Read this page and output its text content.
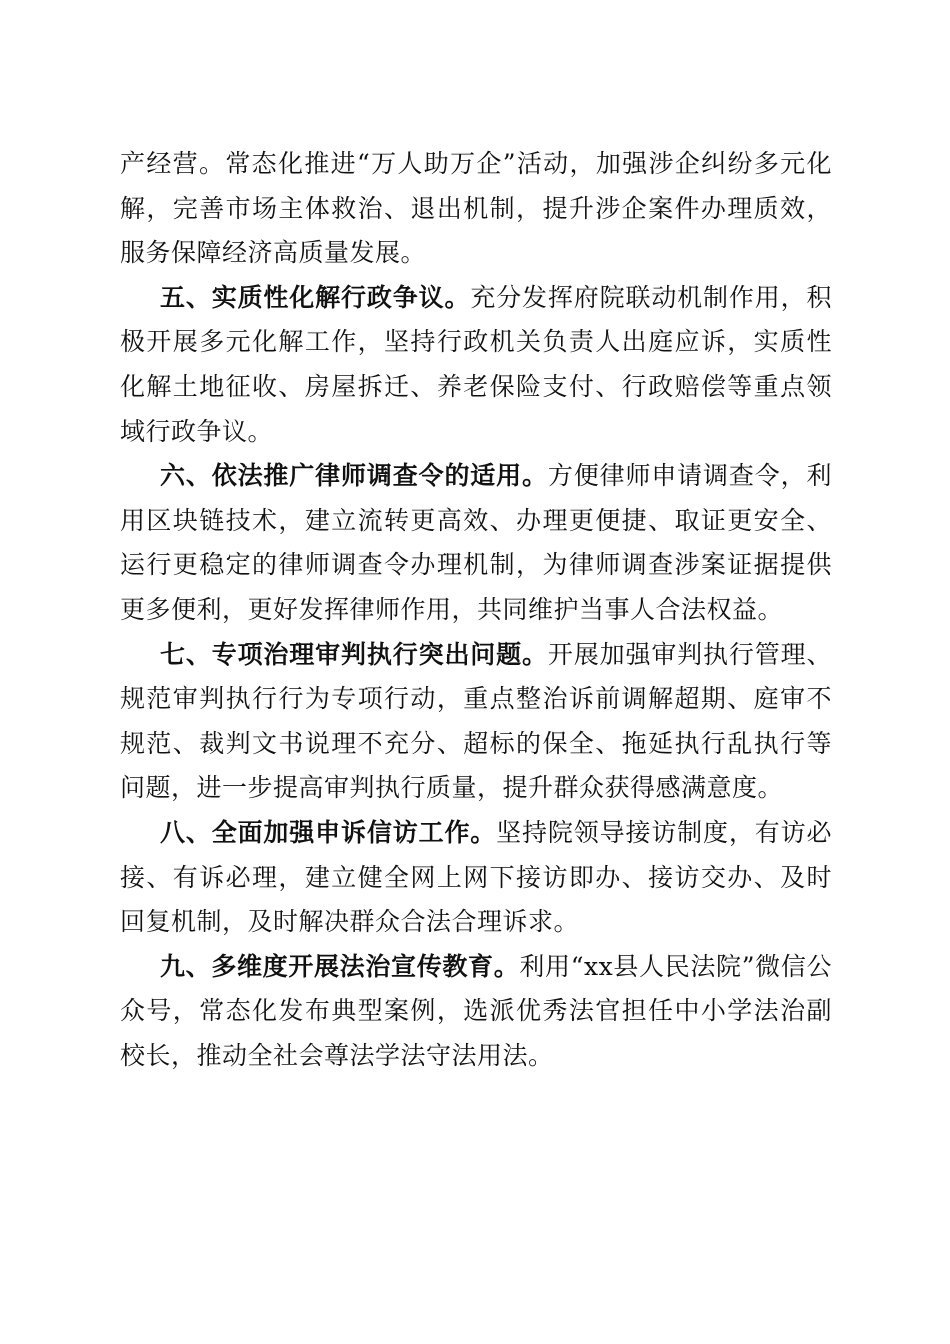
产经营。常态化推进“万人助万企”活动，加强涉企纠纷多元化解，完善市场主体救治、退出机制，提升涉企案件办理质效，服务保障经济高质量发展。

五、实质性化解行政争议。充分发挥府院联动机制作用，积极开展多元化解工作，坚持行政机关负责人出庭应诉，实质性化解土地征收、房屋拆迁、养老保险支付、行政赔偿等重点领域行政争议。

六、依法推广律师调查令的适用。方便律师申请调查令，利用区块链技术，建立流转更高效、办理更便捷、取证更安全、运行更稳定的律师调查令办理机制，为律师调查涉案证据提供更多便利，更好发挥律师作用，共同维护当事人合法权益。

七、专项治理审判执行突出问题。开展加强审判执行管理、规范审判执行行为专项行动，重点整治诉前调解超期、庭审不规范、裁判文书说理不充分、超标的保全、拖延执行乱执行等问题，进一步提高审判执行质量，提升群众获得感满意度。

八、全面加强申诉信访工作。坚持院领导接访制度，有访必接、有诉必理，建立健全网上网下接访即办、接访交办、及时回复机制，及时解决群众合法合理诉求。

九、多维度开展法治宣传教育。利用“xx县人民法院”微信公众号，常态化发布典型案例，选派优秀法官担任中小学法治副校长，推动全社会尊法学法守法用法。
